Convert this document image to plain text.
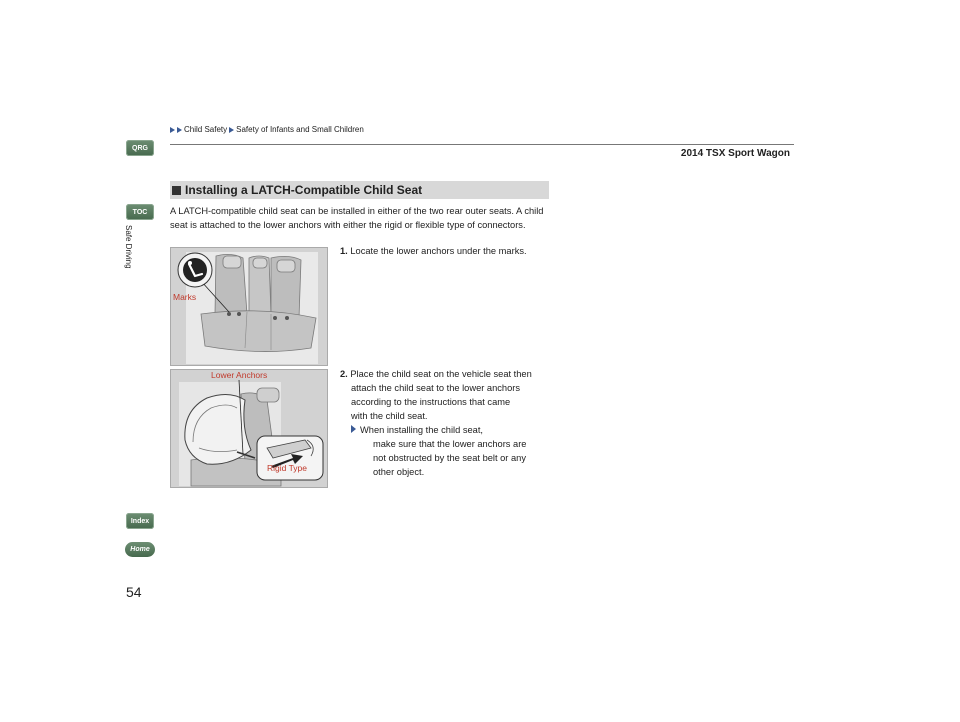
Child Safety Safety of Infants and Small Children
2014 TSX Sport Wagon
QRG
TOC
Safe Driving
Index
Home
54
Installing a LATCH-Compatible Child Seat
A LATCH-compatible child seat can be installed in either of the two rear outer seats. A child seat is attached to the lower anchors with either the rigid or flexible type of connectors.
Marks
1. Locate the lower anchors under the marks.
Lower Anchors
Rigid Type
2. Place the child seat on the vehicle seat then
attach the child seat to the lower anchors
according to the instructions that came
with the child seat.
When installing the child seat,
make sure that the lower anchors are
not obstructed by the seat belt or any
other object.
